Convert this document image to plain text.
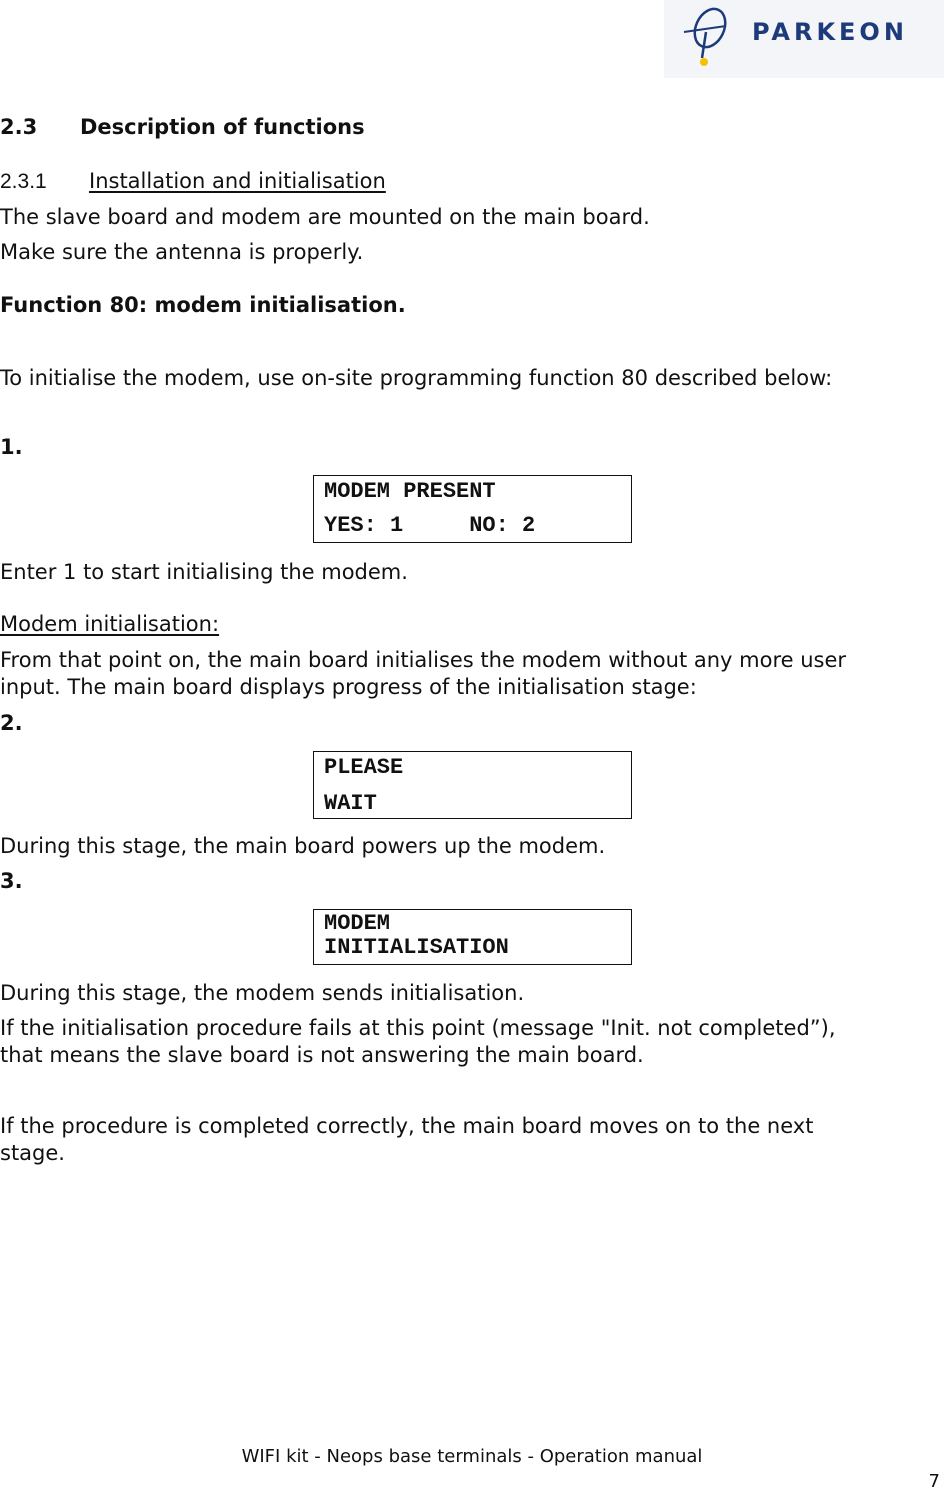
PARKEON
2.3 Description of functions
2.3.1 Installation and initialisation
The slave board and modem are mounted on the main board.
Make sure the antenna is properly.
Function 80: modem initialisation.
To initialise the modem, use on-site programming function 80 described below:
1.
MODEM PRESENT
YES: 1     NO: 2
Enter 1 to start initialising the modem.
Modem initialisation:
From that point on, the main board initialises the modem without any more user
input. The main board displays progress of the initialisation stage:
2.
PLEASE
WAIT
During this stage, the main board powers up the modem.
3.
MODEM
INITIALISATION
During this stage, the modem sends initialisation.
If the initialisation procedure fails at this point (message "Init. not completed”),
that means the slave board is not answering the main board.
If the procedure is completed correctly, the main board moves on to the next
stage.
WIFI kit - Neops base terminals - Operation manual
7
